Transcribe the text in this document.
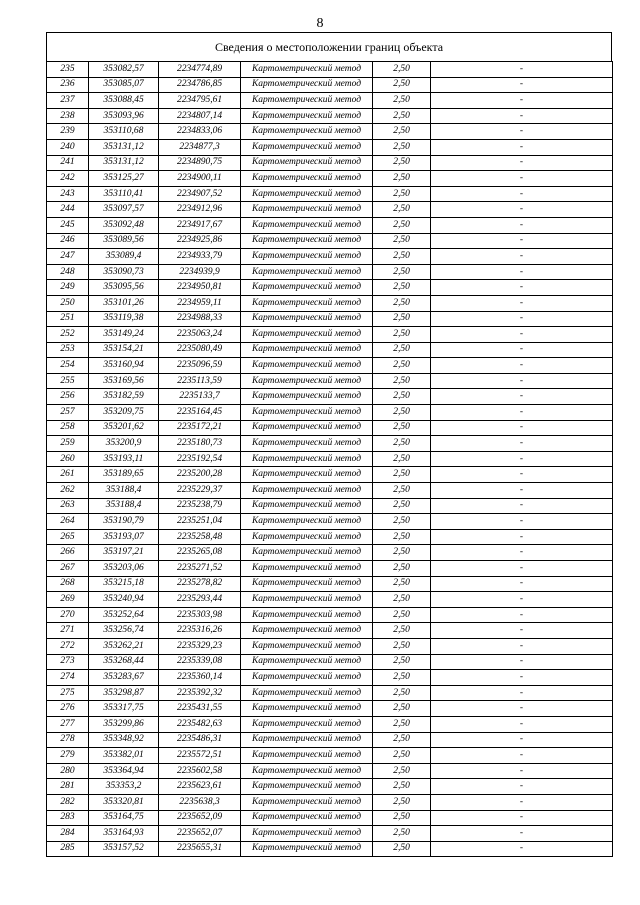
8
Сведения о местоположении границ объекта
235	353082,57	2234774,89	Картометрический метод	2,50	-
236	353085,07	2234786,85	Картометрический метод	2,50	-
237	353088,45	2234795,61	Картометрический метод	2,50	-
238	353093,96	2234807,14	Картометрический метод	2,50	-
239	353110,68	2234833,06	Картометрический метод	2,50	-
240	353131,12	2234877,3	Картометрический метод	2,50	-
241	353131,12	2234890,75	Картометрический метод	2,50	-
242	353125,27	2234900,11	Картометрический метод	2,50	-
243	353110,41	2234907,52	Картометрический метод	2,50	-
244	353097,57	2234912,96	Картометрический метод	2,50	-
245	353092,48	2234917,67	Картометрический метод	2,50	-
246	353089,56	2234925,86	Картометрический метод	2,50	-
247	353089,4	2234933,79	Картометрический метод	2,50	-
248	353090,73	2234939,9	Картометрический метод	2,50	-
249	353095,56	2234950,81	Картометрический метод	2,50	-
250	353101,26	2234959,11	Картометрический метод	2,50	-
251	353119,38	2234988,33	Картометрический метод	2,50	-
252	353149,24	2235063,24	Картометрический метод	2,50	-
253	353154,21	2235080,49	Картометрический метод	2,50	-
254	353160,94	2235096,59	Картометрический метод	2,50	-
255	353169,56	2235113,59	Картометрический метод	2,50	-
256	353182,59	2235133,7	Картометрический метод	2,50	-
257	353209,75	2235164,45	Картометрический метод	2,50	-
258	353201,62	2235172,21	Картометрический метод	2,50	-
259	353200,9	2235180,73	Картометрический метод	2,50	-
260	353193,11	2235192,54	Картометрический метод	2,50	-
261	353189,65	2235200,28	Картометрический метод	2,50	-
262	353188,4	2235229,37	Картометрический метод	2,50	-
263	353188,4	2235238,79	Картометрический метод	2,50	-
264	353190,79	2235251,04	Картометрический метод	2,50	-
265	353193,07	2235258,48	Картометрический метод	2,50	-
266	353197,21	2235265,08	Картометрический метод	2,50	-
267	353203,06	2235271,52	Картометрический метод	2,50	-
268	353215,18	2235278,82	Картометрический метод	2,50	-
269	353240,94	2235293,44	Картометрический метод	2,50	-
270	353252,64	2235303,98	Картометрический метод	2,50	-
271	353256,74	2235316,26	Картометрический метод	2,50	-
272	353262,21	2235329,23	Картометрический метод	2,50	-
273	353268,44	2235339,08	Картометрический метод	2,50	-
274	353283,67	2235360,14	Картометрический метод	2,50	-
275	353298,87	2235392,32	Картометрический метод	2,50	-
276	353317,75	2235431,55	Картометрический метод	2,50	-
277	353299,86	2235482,63	Картометрический метод	2,50	-
278	353348,92	2235486,31	Картометрический метод	2,50	-
279	353382,01	2235572,51	Картометрический метод	2,50	-
280	353364,94	2235602,58	Картометрический метод	2,50	-
281	353353,2	2235623,61	Картометрический метод	2,50	-
282	353320,81	2235638,3	Картометрический метод	2,50	-
283	353164,75	2235652,09	Картометрический метод	2,50	-
284	353164,93	2235652,07	Картометрический метод	2,50	-
285	353157,52	2235655,31	Картометрический метод	2,50	-
